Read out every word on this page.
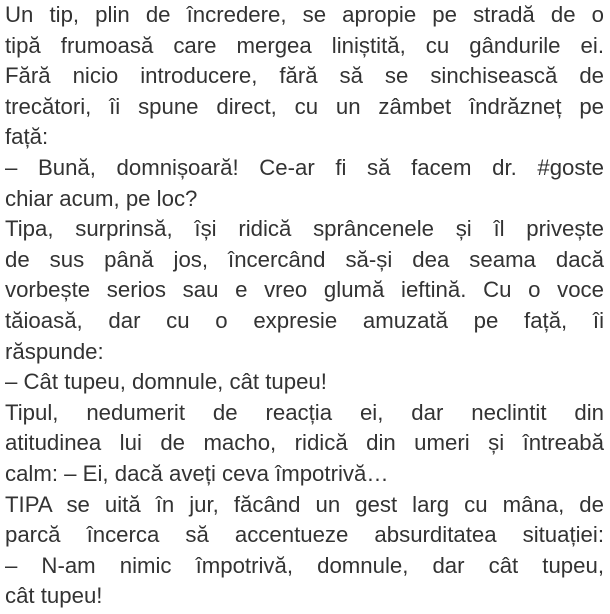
Un tip, plin de încredere, se apropie pe stradă de o
tipă frumoasă care mergea liniștită, cu gândurile ei.
Fără nicio introducere, fără să se sinchisească de
trecători, îi spune direct, cu un zâmbet îndrăzneț pe
față:
– Bună, domnișoară! Ce-ar fi să facem dr. #goste
chiar acum, pe loc?
Tipa, surprinsă, își ridică sprâncenele și îl privește
de sus până jos, încercând să-și dea seama dacă
vorbește serios sau e vreo glumă ieftină. Cu o voce
tăioasă, dar cu o expresie amuzată pe față, îi
răspunde:
– Cât tupeu, domnule, cât tupeu!
Tipul, nedumerit de reacția ei, dar neclintit din
atitudinea lui de macho, ridică din umeri și întreabă
calm: – Ei, dacă aveți ceva împotrivă…
TIPA se uită în jur, făcând un gest larg cu mâna, de
parcă încerca să accentueze absurditatea situației:
– N-am nimic împotrivă, domnule, dar cât tupeu,
cât tupeu!
